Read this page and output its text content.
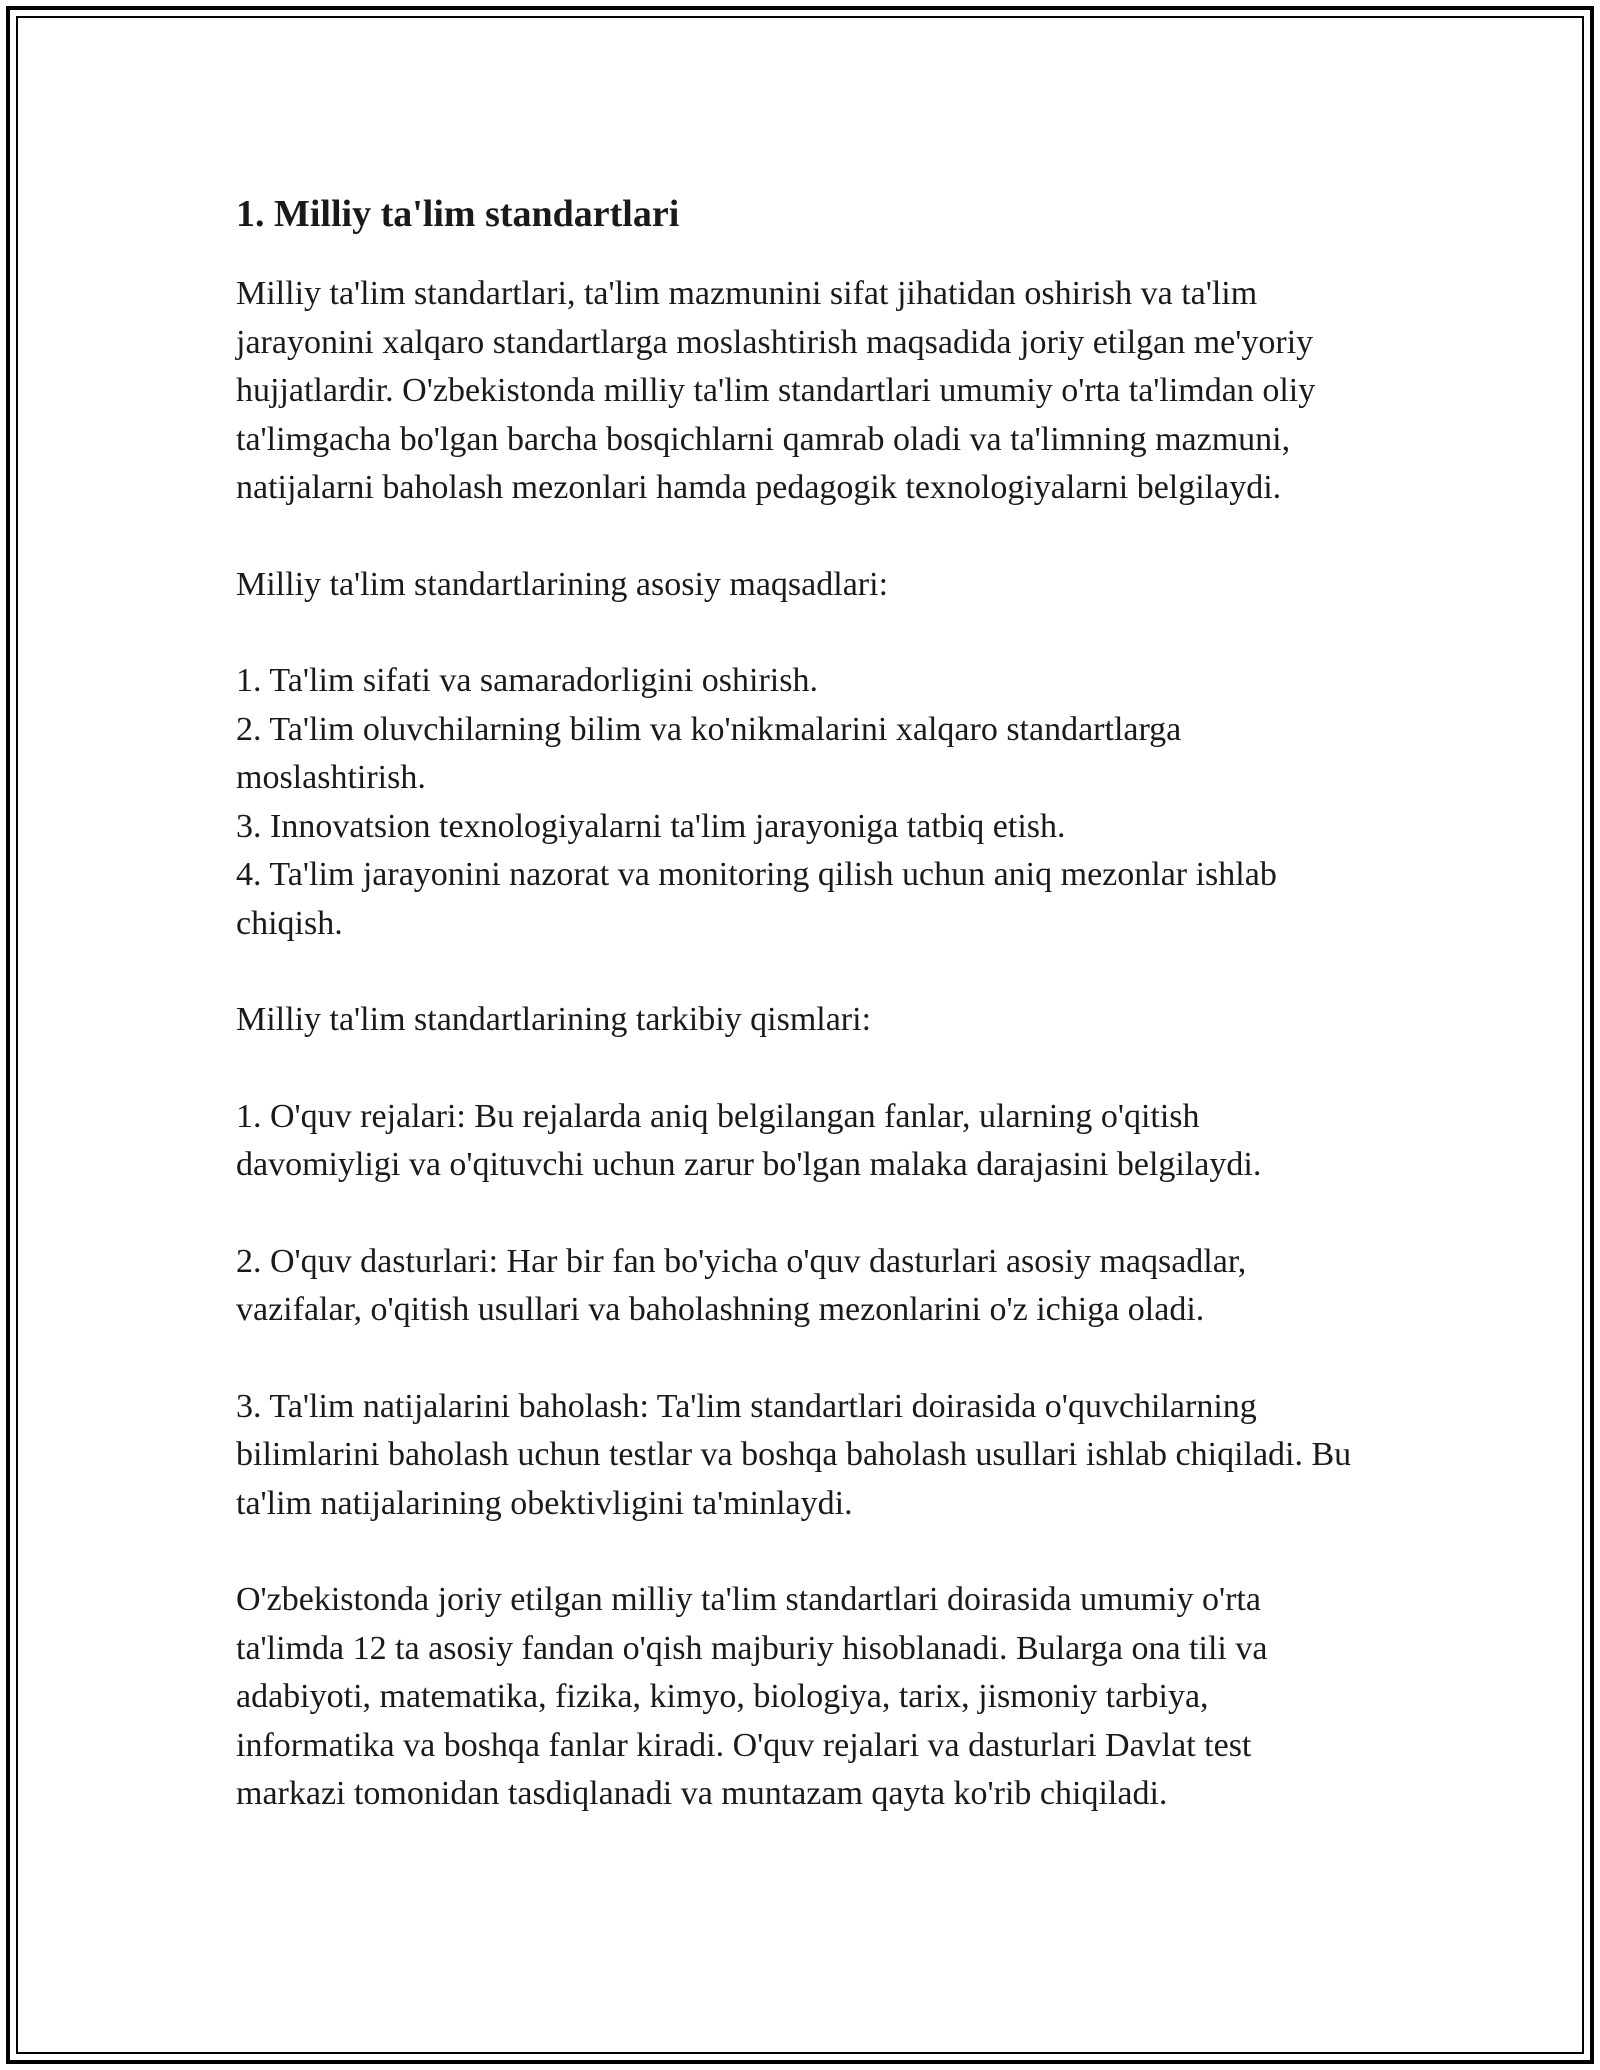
1. Milliy ta'lim standartlari

Milliy ta'lim standartlari, ta'lim mazmunini sifat jihatidan oshirish va ta'lim jarayonini xalqaro standartlarga moslashtirish maqsadida joriy etilgan me'yoriy hujjatlardir. O'zbekistonda milliy ta'lim standartlari umumiy o'rta ta'limdan oliy ta'limgacha bo'lgan barcha bosqichlarni qamrab oladi va ta'limning mazmuni, natijalarni baholash mezonlari hamda pedagogik texnologiyalarni belgilaydi.

Milliy ta'lim standartlarining asosiy maqsadlari:

1. Ta'lim sifati va samaradorligini oshirish.
2. Ta'lim oluvchilarning bilim va ko'nikmalarini xalqaro standartlarga moslashtirish.
3. Innovatsion texnologiyalarni ta'lim jarayoniga tatbiq etish.
4. Ta'lim jarayonini nazorat va monitoring qilish uchun aniq mezonlar ishlab chiqish.

Milliy ta'lim standartlarining tarkibiy qismlari:

1. O'quv rejalari: Bu rejalarda aniq belgilangan fanlar, ularning o'qitish davomiyligi va o'qituvchi uchun zarur bo'lgan malaka darajasini belgilaydi.

2. O'quv dasturlari: Har bir fan bo'yicha o'quv dasturlari asosiy maqsadlar, vazifalar, o'qitish usullari va baholashning mezonlarini o'z ichiga oladi.

3. Ta'lim natijalarini baholash: Ta'lim standartlari doirasida o'quvchilarning bilimlarini baholash uchun testlar va boshqa baholash usullari ishlab chiqiladi. Bu ta'lim natijalarining obektivligini ta'minlaydi.

O'zbekistonda joriy etilgan milliy ta'lim standartlari doirasida umumiy o'rta ta'limda 12 ta asosiy fandan o'qish majburiy hisoblanadi. Bularga ona tili va adabiyoti, matematika, fizika, kimyo, biologiya, tarix, jismoniy tarbiya, informatika va boshqa fanlar kiradi. O'quv rejalari va dasturlari Davlat test markazi tomonidan tasdiqlanadi va muntazam qayta ko'rib chiqiladi.
